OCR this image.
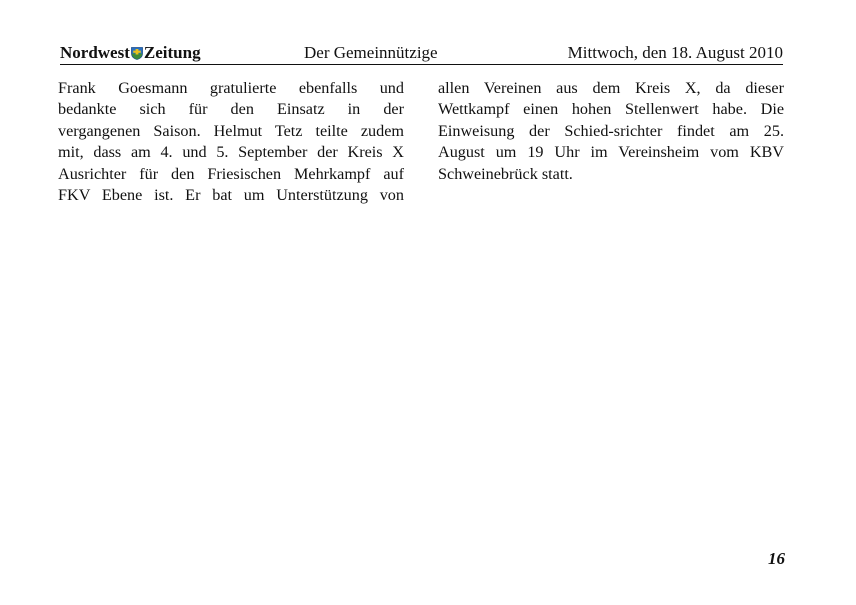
Nordwest Zeitung	Der Gemeinnützige	Mittwoch, den 18. August 2010
Frank Goesmann gratulierte ebenfalls und
bedankte sich für den Einsatz in der
vergangenen Saison. Helmut Tetz teilte zudem
mit, dass am 4. und 5. September der Kreis X
Ausrichter für den Friesischen Mehrkampf auf
FKV Ebene ist. Er bat um Unterstützung von
allen Vereinen aus dem Kreis X, da dieser
Wettkampf einen hohen Stellenwert habe. Die
Einweisung der Schied-srichter findet am 25.
August um 19 Uhr im Vereinsheim vom KBV
Schweinebrück statt.
16
